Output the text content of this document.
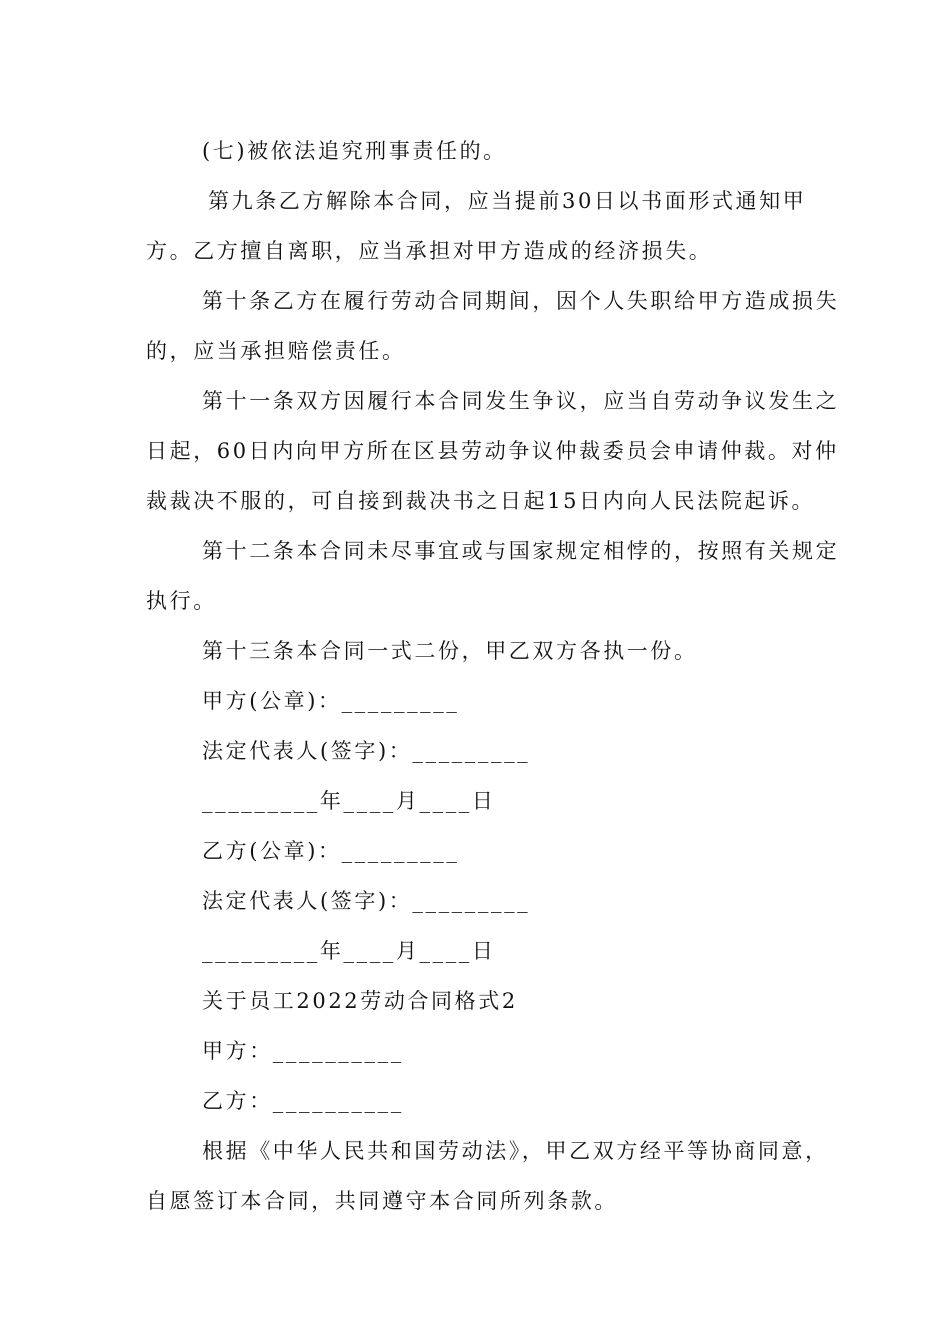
(七)被依法追究刑事责任的。
第九条乙方解除本合同，应当提前30日以书面形式通知甲
方。乙方擅自离职，应当承担对甲方造成的经济损失。
第十条乙方在履行劳动合同期间，因个人失职给甲方造成损失
的，应当承担赔偿责任。
第十一条双方因履行本合同发生争议，应当自劳动争议发生之
日起，60日内向甲方所在区县劳动争议仲裁委员会申请仲裁。对仲
裁裁决不服的，可自接到裁决书之日起15日内向人民法院起诉。
第十二条本合同未尽事宜或与国家规定相悖的，按照有关规定
执行。
第十三条本合同一式二份，甲乙双方各执一份。
甲方(公章)：_________
法定代表人(签字)：_________
_________年____月____日
乙方(公章)：_________
法定代表人(签字)：_________
_________年____月____日
关于员工2022劳动合同格式2
甲方：__________
乙方：__________
根据《中华人民共和国劳动法》，甲乙双方经平等协商同意，
自愿签订本合同，共同遵守本合同所列条款。
